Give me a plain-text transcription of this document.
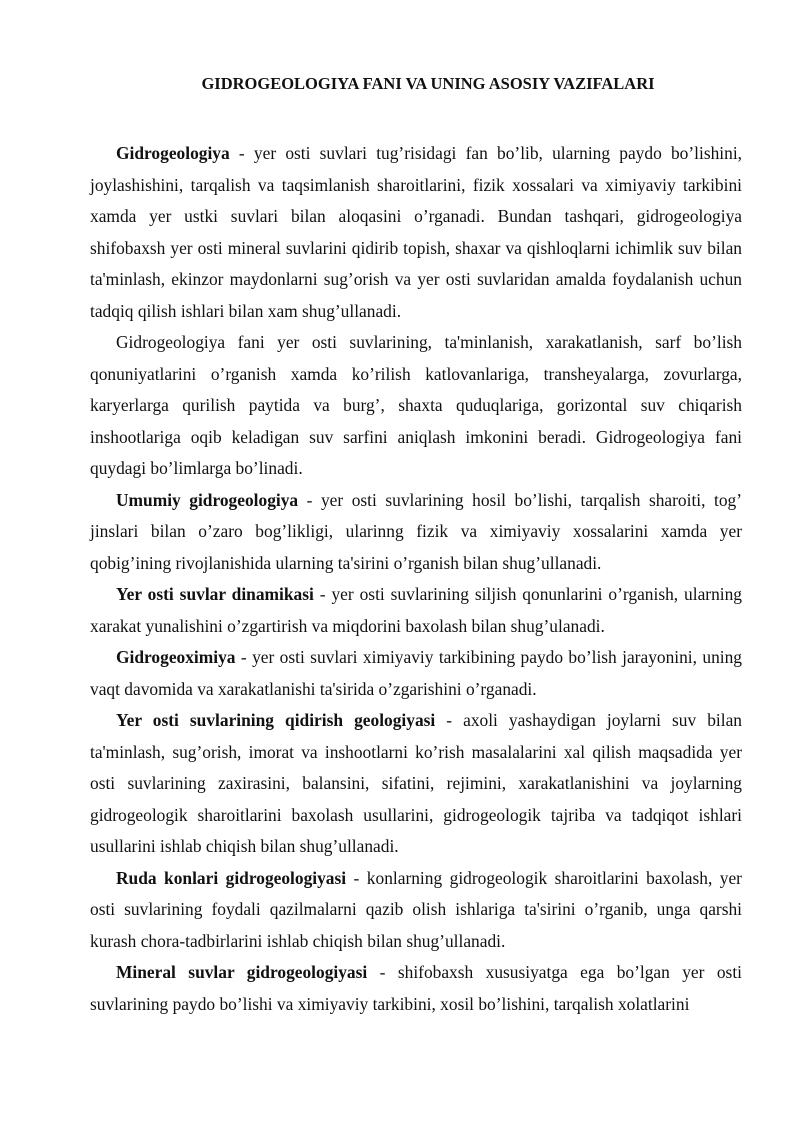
GIDROGEOLOGIYA FANI VA UNING ASOSIY VAZIFALARI

Gidrogeologiya - yer osti suvlari tug’risidagi fan bo’lib, ularning paydo bo’lishini, joylashishini, tarqalish va taqsimlanish sharoitlarini, fizik xossalari va ximiyaviy tarkibini xamda yer ustki suvlari bilan aloqasini o’rganadi. Bundan tashqari, gidrogeologiya shifobaxsh yer osti mineral suvlarini qidirib topish, shaxar va qishloqlarni ichimlik suv bilan ta'minlash, ekinzor maydonlarni sug’orish va yer osti suvlaridan amalda foydalanish uchun tadqiq qilish ishlari bilan xam shug’ullanadi.

Gidrogeologiya fani yer osti suvlarining, ta'minlanish, xarakatlanish, sarf bo’lish qonuniyatlarini o’rganish xamda ko’rilish katlovanlariga, transheyalarga, zovurlarga, karyerlarga qurilish paytida va burg’, shaxta quduqlariga, gorizontal suv chiqarish inshootlariga oqib keladigan suv sarfini aniqlash imkonini beradi. Gidrogeologiya fani quydagi bo’limlarga bo’linadi.

Umumiy gidrogeologiya - yer osti suvlarining hosil bo’lishi, tarqalish sharoiti, tog’ jinslari bilan o’zaro bog’likligi, ularinng fizik va ximiyaviy xossalarini xamda yer qobig’ining rivojlanishida ularning ta'sirini o’rganish bilan shug’ullanadi.

Yer osti suvlar dinamikasi - yer osti suvlarining siljish qonunlarini o’rganish, ularning xarakat yunalishini o’zgartirish va miqdorini baxolash bilan shug’ulanadi.

Gidrogeoximiya - yer osti suvlari ximiyaviy tarkibining paydo bo’lish jarayonini, uning vaqt davomida va xarakatlanishi ta'sirida o’zgarishini o’rganadi.

Yer osti suvlarining qidirish geologiyasi - axoli yashaydigan joylarni suv bilan ta'minlash, sug’orish, imorat va inshootlarni ko’rish masalalarini xal qilish maqsadida yer osti suvlarining zaxirasini, balansini, sifatini, rejimini, xarakatlanishini va joylarning gidrogeologik sharoitlarini baxolash usullarini, gidrogeologik tajriba va tadqiqot ishlari usullarini ishlab chiqish bilan shug’ullanadi.

Ruda konlari gidrogeologiyasi - konlarning gidrogeologik sharoitlarini baxolash, yer osti suvlarining foydali qazilmalarni qazib olish ishlariga ta'sirini o’rganib, unga qarshi kurash chora-tadbirlarini ishlab chiqish bilan shug’ullanadi.

Mineral suvlar gidrogeologiyasi - shifobaxsh xususiyatga ega bo’lgan yer osti suvlarining paydo bo’lishi va ximiyaviy tarkibini, xosil bo’lishini, tarqalish xolatlarini
